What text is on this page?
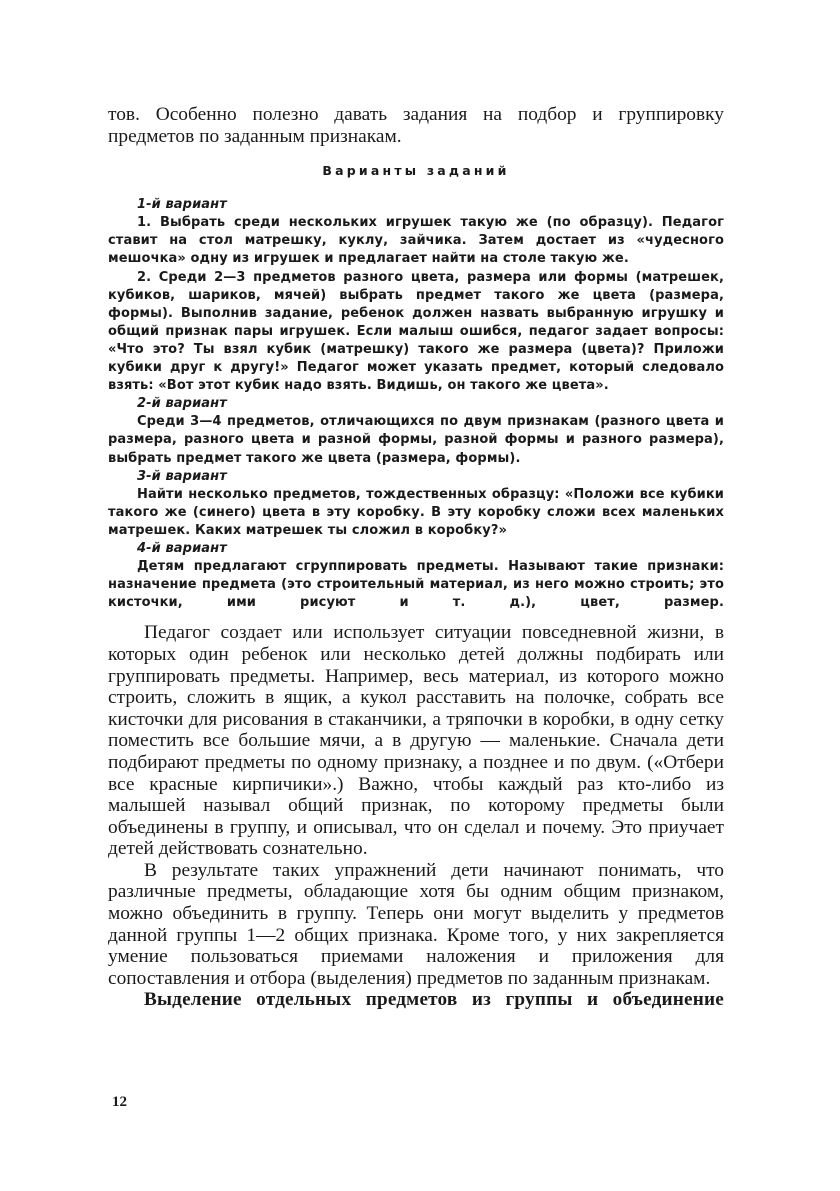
тов. Особенно полезно давать задания на подбор и группировку предметов по заданным признакам.

Варианты заданий

1-й вариант

1. Выбрать среди нескольких игрушек такую же (по образцу). Педагог ставит на стол матрешку, куклу, зайчика. Затем достает из «чудесного мешочка» одну из игрушек и предлагает найти на столе такую же.

2. Среди 2—3 предметов разного цвета, размера или формы (матрешек, кубиков, шариков, мячей) выбрать предмет такого же цвета (размера, формы). Выполнив задание, ребенок должен назвать выбранную игрушку и общий признак пары игрушек. Если малыш ошибся, педагог задает вопросы: «Что это? Ты взял кубик (матрешку) такого же размера (цвета)? Приложи кубики друг к другу!» Педагог может указать предмет, который следовало взять: «Вот этот кубик надо взять. Видишь, он такого же цвета».

2-й вариант

Среди 3—4 предметов, отличающихся по двум признакам (разного цвета и размера, разного цвета и разной формы, разной формы и разного размера), выбрать предмет такого же цвета (размера, формы).

3-й вариант

Найти несколько предметов, тождественных образцу: «Положи все кубики такого же (синего) цвета в эту коробку. В эту коробку сложи всех маленьких матрешек. Каких матрешек ты сложил в коробку?»

4-й вариант

Детям предлагают сгруппировать предметы. Называют такие признаки: назначение предмета (это строительный материал, из него можно строить; это кисточки, ими рисуют и т. д.), цвет, размер.

Педагог создает или использует ситуации повседневной жизни, в которых один ребенок или несколько детей должны подбирать или группировать предметы. Например, весь материал, из которого можно строить, сложить в ящик, а кукол расставить на полочке, собрать все кисточки для рисования в стаканчики, а тряпочки в коробки, в одну сетку поместить все большие мячи, а в другую — маленькие. Сначала дети подбирают предметы по одному признаку, а позднее и по двум. («Отбери все красные кирпичики».) Важно, чтобы каждый раз кто-либо из малышей называл общий признак, по которому предметы были объединены в группу, и описывал, что он сделал и почему. Это приучает детей действовать сознательно.

В результате таких упражнений дети начинают понимать, что различные предметы, обладающие хотя бы одним общим признаком, можно объединить в группу. Теперь они могут выделить у предметов данной группы 1—2 общих признака. Кроме того, у них закрепляется умение пользоваться приемами наложения и приложения для сопоставления и отбора (выделения) предметов по заданным признакам.

Выделение отдельных предметов из группы и объединение

12
